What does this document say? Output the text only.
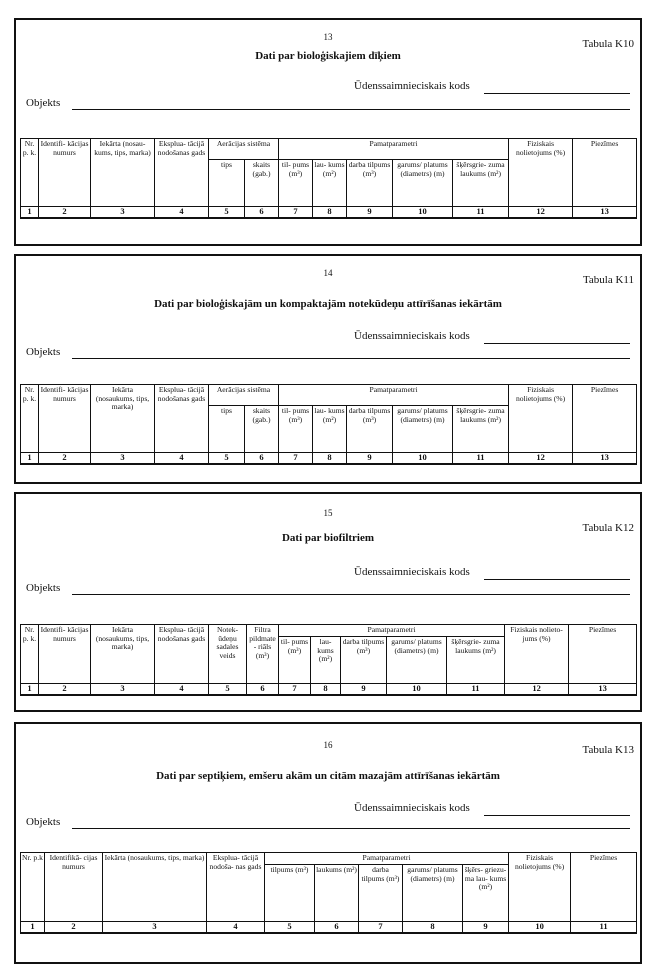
13
Tabula K10
Dati par bioloģiskajiem dīķiem
Ūdenssaimnieciskais kods
Objekts
Nr. p. k.	Identifi- kācijas numurs	Iekārta (nosau- kums, tips, marka)	Eksplua- tācijā nodošanas gads	Aerācijas sistēma		Pamatparametri					Fiziskais nolietojums (%)	Piezīmes
				tips	skaits (gab.)	til- pums (m³)	lau- kums (m²)	darba tilpums (m³)	garums/ platums (diametrs) (m)	šķērsgrie- zuma laukums (m²)		
1	2	3	4	5	6	7	8	9	10	11	12	13
14
Tabula K11
Dati par bioloģiskajām un kompaktajām notekūdeņu attīrīšanas iekārtām
Ūdenssaimnieciskais kods
Objekts
Nr. p. k.	Identifi- kācijas numurs	Iekārta (nosaukums, tips, marka)	Eksplua- tācijā nodošanas gads	Aerācijas sistēma		Pamatparametri					Fiziskais nolietojums (%)	Piezīmes
				tips	skaits (gab.)	til- pums (m³)	lau- kums (m²)	darba tilpums (m³)	garums/ platums (diametrs) (m)	šķērsgrie- zuma laukums (m²)		
1	2	3	4	5	6	7	8	9	10	11	12	13
15
Tabula K12
Dati par biofiltriem
Ūdenssaimnieciskais kods
Objekts
Nr. p. k.	Identifi- kācijas numurs	Iekārta (nosaukums, tips, marka)	Eksplua- tācijā nodošanas gads	Notek- ūdeņu sadales veids	Filtra pildmate- riāls (m³)	Pamatparametri					Fiziskais nolieto- jums (%)	Piezīmes
						til- pums (m³)	lau- kums (m²)	darba tilpums (m³)	garums/ platums (diametrs) (m)	šķērsgrie- zuma laukums (m²)		
1	2	3	4	5	6	7	8	9	10	11	12	13
16	Tabula K13
Dati par septiķiem, emšeru akām un citām mazajām attīrīšanas iekārtām
Ūdenssaimnieciskais kods
Objekts
Nr. p.k	Identifikā- cijas numurs	Iekārta (nosaukums, tips, marka)	Eksplua- tācijā nodoša- nas gads	Pamatparametri					Fiziskais nolietojums (%)	Piezīmes
				tilpums (m³)	laukums (m²)	darba tilpums (m³)	garums/ platums (diametrs) (m)	šķērs- griezu- ma lau- kums (m²)		
1	2	3	4	5	6	7	8	9	10	11
